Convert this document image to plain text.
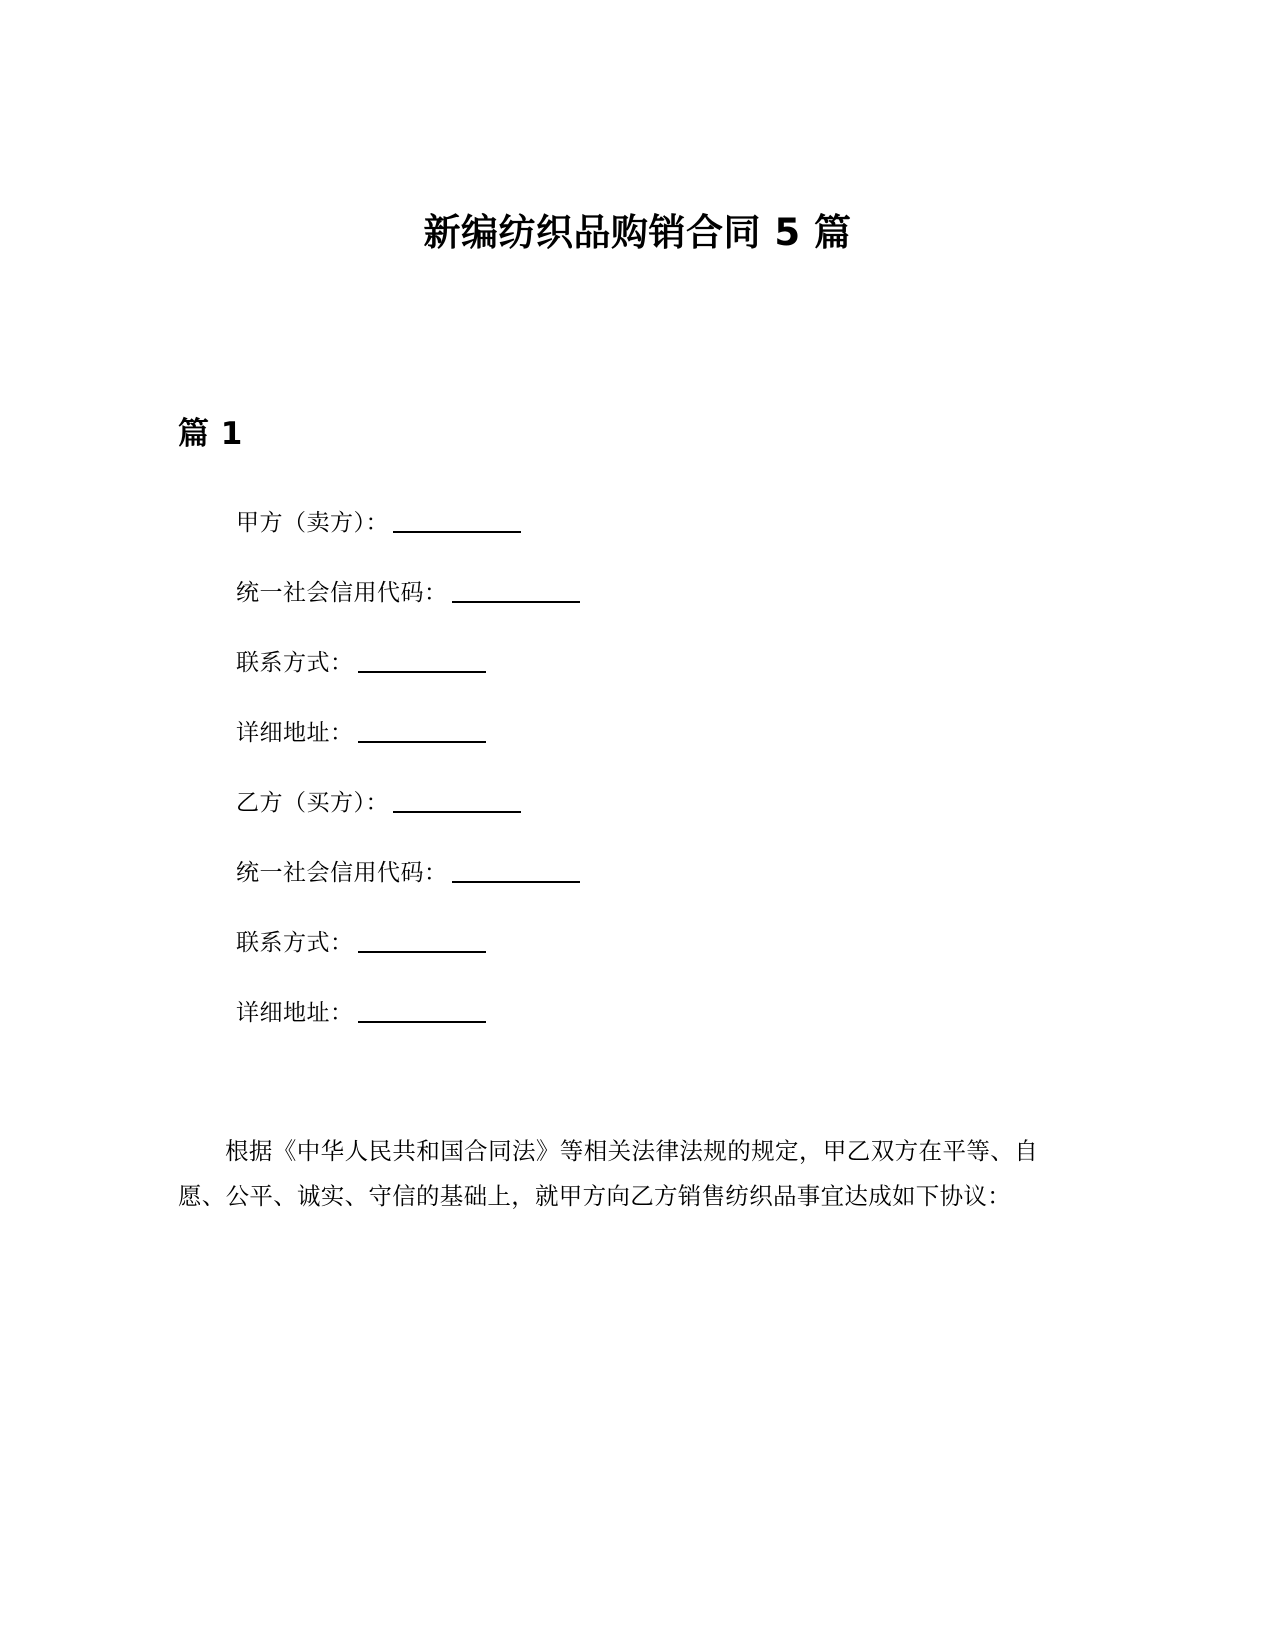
新编纺织品购销合同 5 篇
篇 1
甲方（卖方）：
统一社会信用代码：
联系方式：
详细地址：
乙方（买方）：
统一社会信用代码：
联系方式：
详细地址：

根据《中华人民共和国合同法》等相关法律法规的规定，甲乙双方在平等、自愿、公平、诚实、守信的基础上，就甲方向乙方销售纺织品事宜达成如下协议：
